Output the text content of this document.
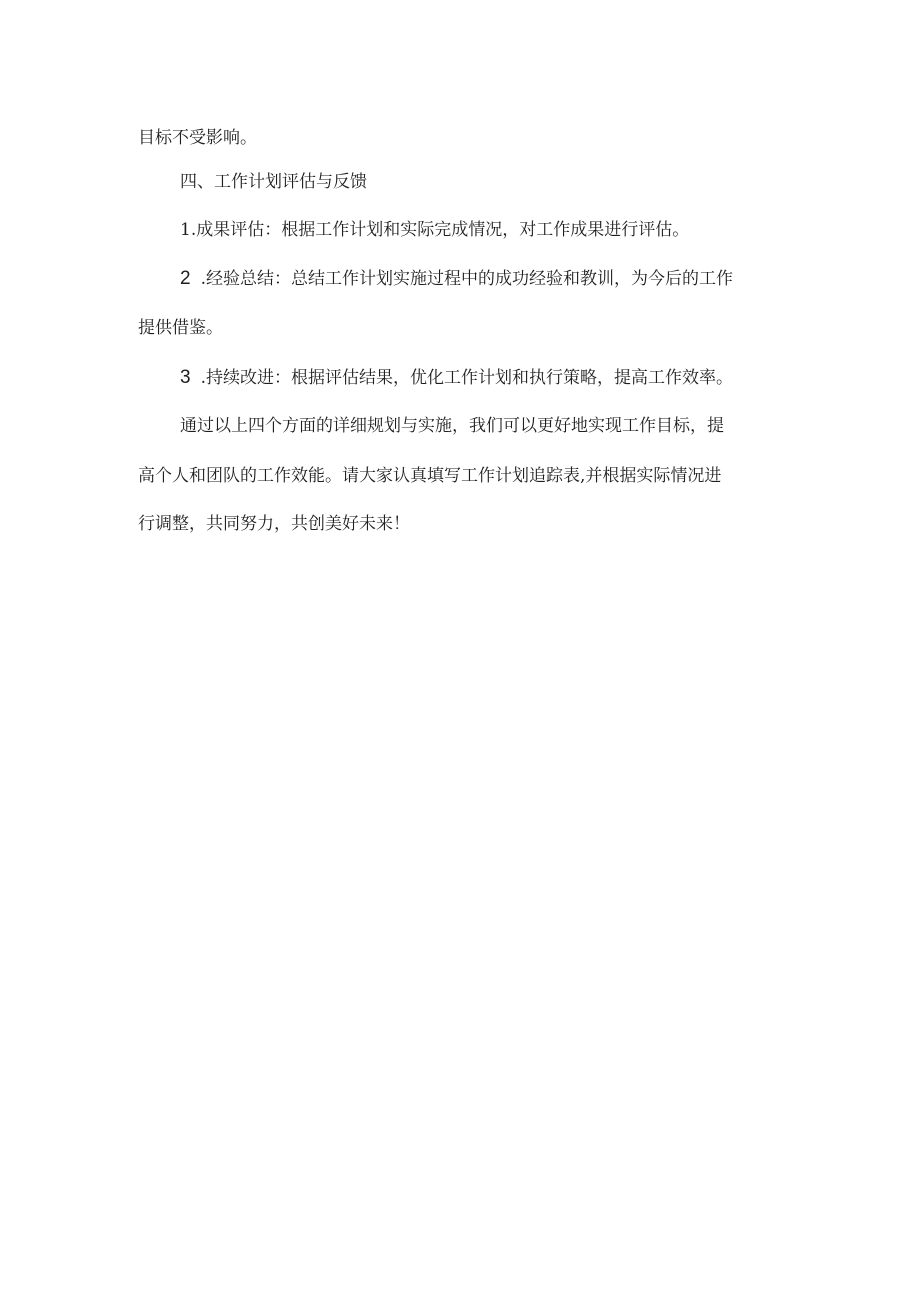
目标不受影响。

四、工作计划评估与反馈

1.成果评估：根据工作计划和实际完成情况，对工作成果进行评估。

2 .经验总结：总结工作计划实施过程中的成功经验和教训，为今后的工作

提供借鉴。

3 .持续改进：根据评估结果，优化工作计划和执行策略，提高工作效率。

通过以上四个方面的详细规划与实施，我们可以更好地实现工作目标，提

高个人和团队的工作效能。请大家认真填写工作计划追踪表,并根据实际情况进

行调整，共同努力，共创美好未来！
